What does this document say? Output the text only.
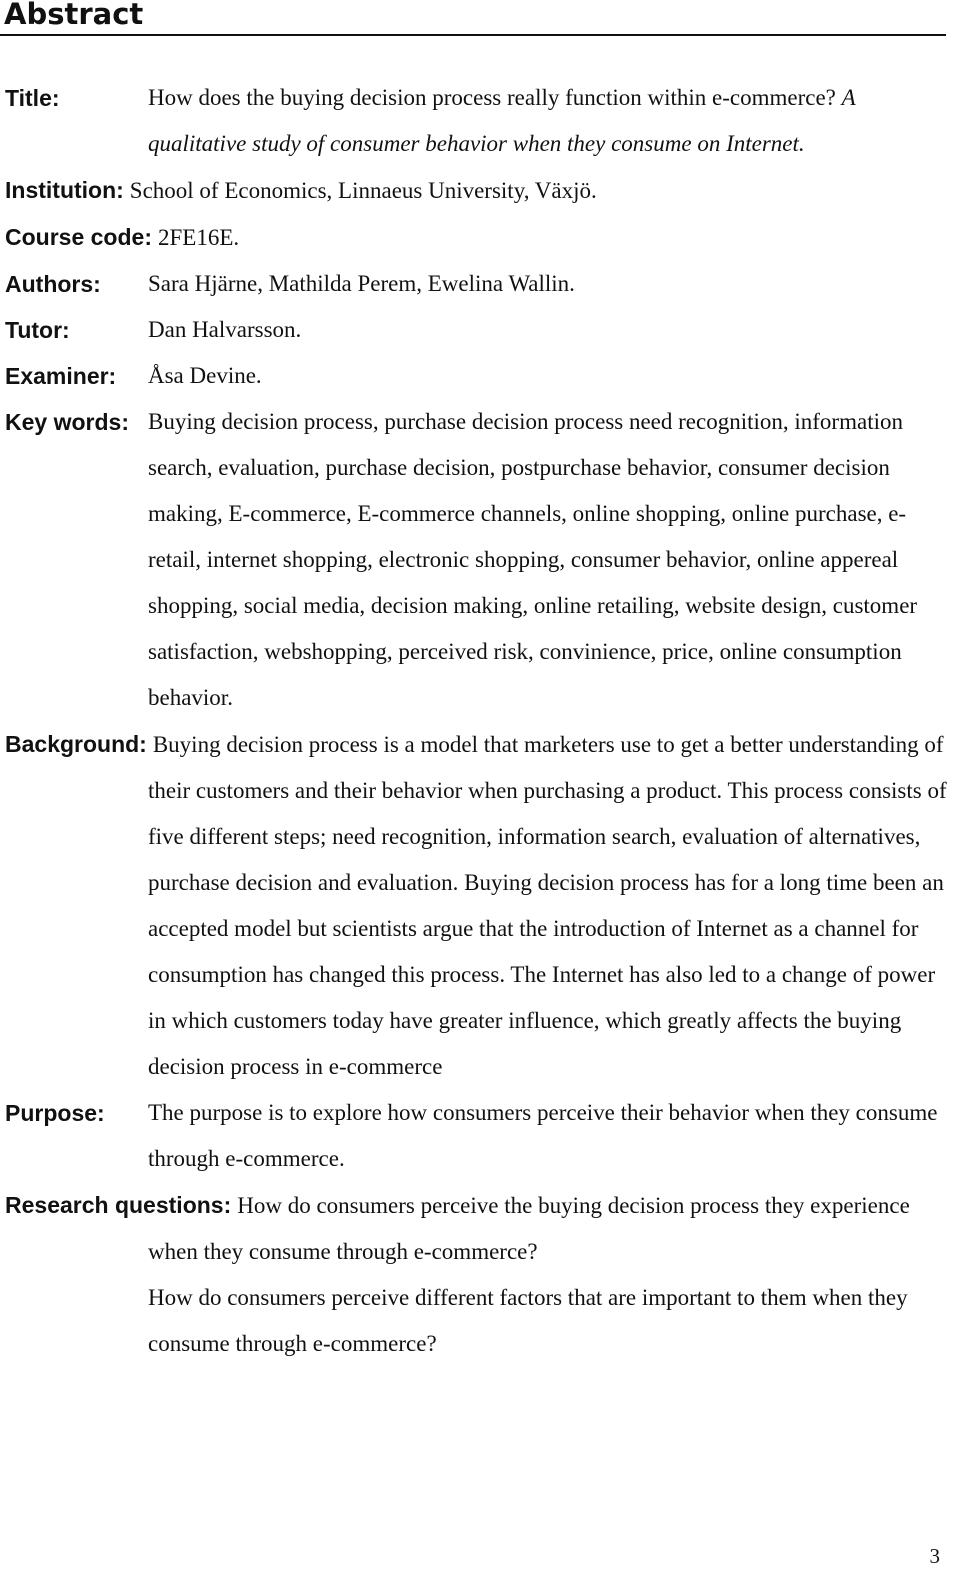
Abstract
Title:	How does the buying decision process really function within e-commerce? A qualitative study of consumer behavior when they consume on Internet.
Institution: School of Economics, Linnaeus University, Växjö.
Course code: 2FE16E.
Authors:	Sara Hjärne, Mathilda Perem, Ewelina Wallin.
Tutor:	Dan Halvarsson.
Examiner:	Åsa Devine.
Key words: Buying decision process, purchase decision process need recognition, information search, evaluation, purchase decision, postpurchase behavior, consumer decision making, E-commerce, E-commerce channels, online shopping, online purchase, e-retail, internet shopping, electronic shopping, consumer behavior, online appereal shopping, social media, decision making, online retailing, website design, customer satisfaction, webshopping, perceived risk, convinience, price, online consumption behavior.
Background: Buying decision process is a model that marketers use to get a better understanding of their customers and their behavior when purchasing a product. This process consists of five different steps; need recognition, information search, evaluation of alternatives, purchase decision and evaluation. Buying decision process has for a long time been an accepted model but scientists argue that the introduction of Internet as a channel for consumption has changed this process. The Internet has also led to a change of power in which customers today have greater influence, which greatly affects the buying decision process in e-commerce
Purpose:	The purpose is to explore how consumers perceive their behavior when they consume through e-commerce.
Research questions: How do consumers perceive the buying decision process they experience when they consume through e-commerce?
How do consumers perceive different factors that are important to them when they consume through e-commerce?
3
